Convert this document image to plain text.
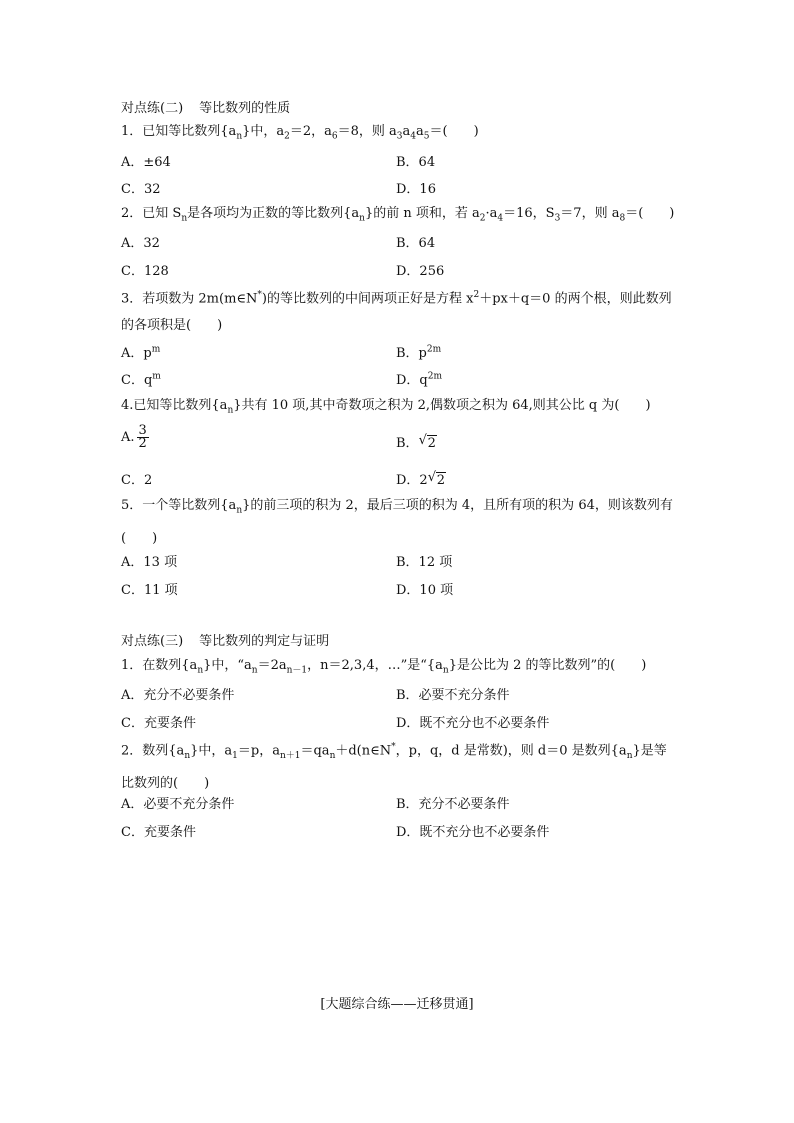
对点练(二) 等比数列的性质
1．已知等比数列$\{a_n\}$中，$a_2=2$，$a_6=8$，则 $a_3a_4a_5=$(　　)
A．±64	B．64
C．32	D．16
2．已知 $S_n$是各项均为正数的等比数列$\{a_n\}$的前 n 项和，若 $a_2\cdot a_4=16$，$S_3=7$，则 $a_8=$(　　)
A．32	B．64
C．128	D．256
3．若项数为 2m(m∈N*)的等比数列的中间两项正好是方程 $x^2+px+q=0$ 的两个根，则此数列的各项积是(　　)
A．$p^m$	B．$p^{2m}$
C．$q^m$	D．$q^{2m}$
4.已知等比数列$\{a_n\}$共有 10 项,其中奇数项之积为 2,偶数项之积为 64,则其公比 q 为(　　)
A. $\frac{3}{2}$	B． √ 2
C．2	D．2 √ 2
5．一个等比数列$\{a_n\}$的前三项的积为 2，最后三项的积为 4，且所有项的积为 64，则该数列有(　　)
A．13 项	B．12 项
C．11 项	D．10 项
对点练(三) 等比数列的判定与证明
1．在数列$\{a_n\}$中，“$a_n=2a_{n-1}$，n＝2,3,4，…”是“$\{a_n\}$是公比为 2 的等比数列”的(　　)
A．充分不必要条件	B．必要不充分条件
C．充要条件	D．既不充分也不必要条件
2．数列$\{a_n\}$中，$a_1=p$，$a_{n+1}=qa_n+d(n\in N^*$，p，q，d 是常数)，则 d＝0 是数列$\{a_n\}$是等比数列的(　　)
A．必要不充分条件	B．充分不必要条件
C．充要条件	D．既不充分也不必要条件
[大题综合练——迁移贯通]
